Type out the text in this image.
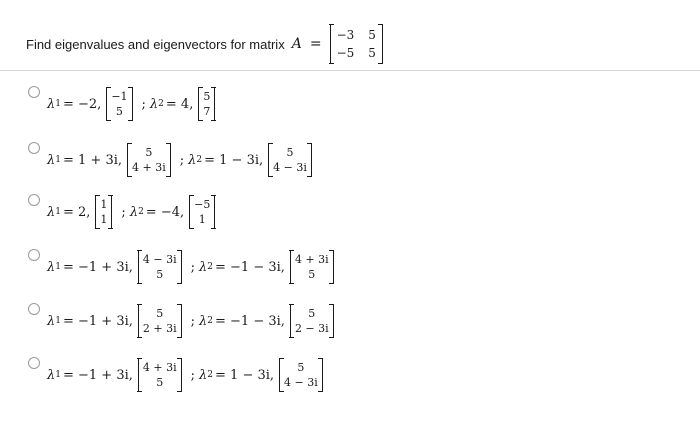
Find eigenvalues and eigenvectors for matrix A =
−3 5
−5 5
λ 1 = −2, −1
5 ; λ 2 = 4, 5
7
λ 1 = 1 + 3i, 5
4 + 3i ; λ 2 = 1 − 3i, 5
4 − 3i
λ 1 = 2, 1
1 ; λ 2 = −4, −5
1
λ 1 = −1 + 3i, 4 − 3i
5 ; λ 2 = −1 − 3i, 4 + 3i
5
λ 1 = −1 + 3i, 5
2 + 3i ; λ 2 = −1 − 3i, 5
2 − 3i
λ 1 = −1 + 3i, 4 + 3i
5 ; λ 2 = 1 − 3i, 5
4 − 3i
